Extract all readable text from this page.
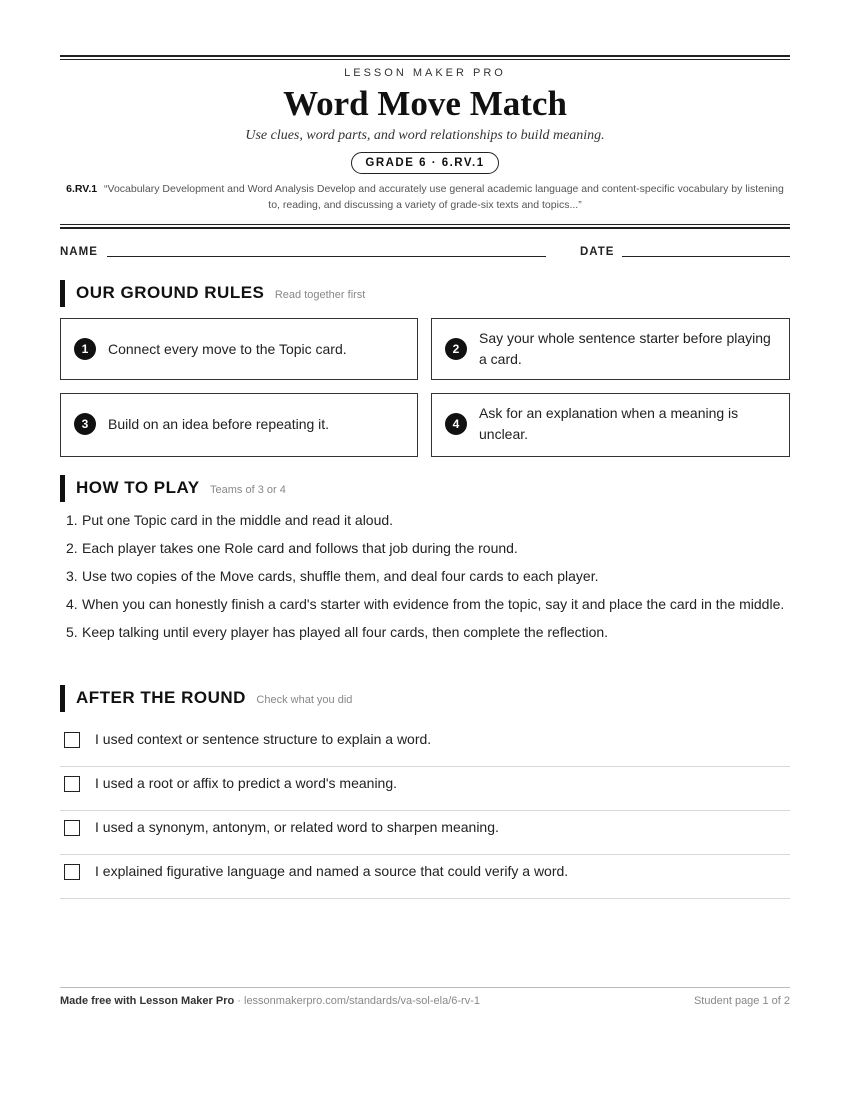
LESSON MAKER PRO
Word Move Match
Use clues, word parts, and word relationships to build meaning.
GRADE 6 · 6.RV.1
6.RV.1 “Vocabulary Development and Word Analysis Develop and accurately use general academic language and content-specific vocabulary by listening to, reading, and discussing a variety of grade-six texts and topics...”
NAME	DATE
OUR GROUND RULES Read together first
1	Connect every move to the Topic card.	2
Say your whole sentence starter before playing a card.
3	Build on an idea before repeating it.	4
Ask for an explanation when a meaning is unclear.
HOW TO PLAY Teams of 3 or 4
1. Put one Topic card in the middle and read it aloud.
2. Each player takes one Role card and follows that job during the round.
3. Use two copies of the Move cards, shuffle them, and deal four cards to each player.
4. When you can honestly finish a card's starter with evidence from the topic, say it and place the card in the middle.
5. Keep talking until every player has played all four cards, then complete the reflection.
AFTER THE ROUND Check what you did
I used context or sentence structure to explain a word.
I used a root or affix to predict a word's meaning.
I used a synonym, antonym, or related word to sharpen meaning.
I explained figurative language and named a source that could verify a word.
Made free with Lesson Maker Pro · lessonmakerpro.com/standards/va-sol-ela/6-rv-1	Student page 1 of 2
